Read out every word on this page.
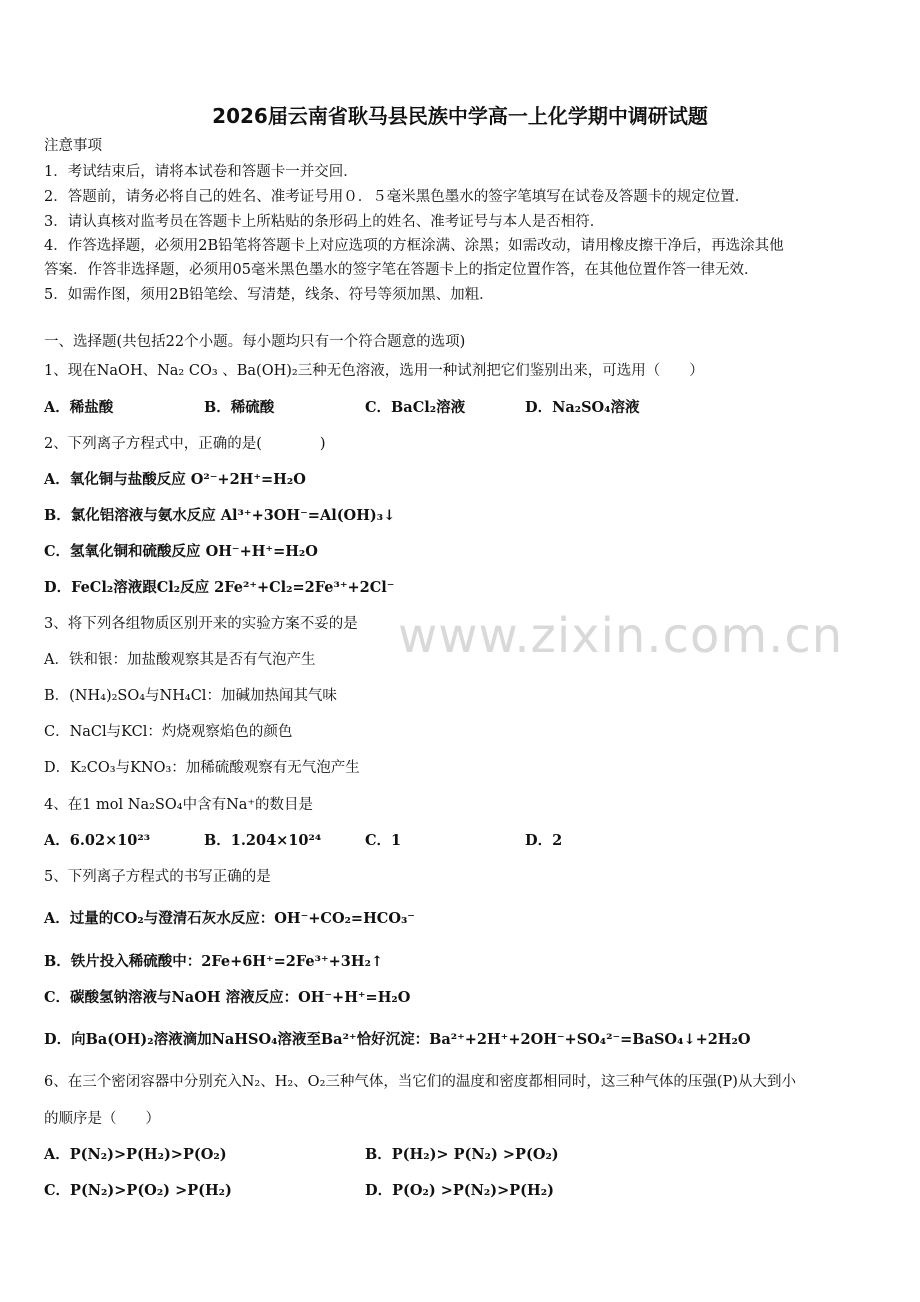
www.zixin.com.cn
2026届云南省耿马县民族中学高一上化学期中调研试题
注意事项
1．考试结束后，请将本试卷和答题卡一并交回．
2．答题前，请务必将自己的姓名、准考证号用０．５毫米黑色墨水的签字笔填写在试卷及答题卡的规定位置．
3．请认真核对监考员在答题卡上所粘贴的条形码上的姓名、准考证号与本人是否相符．
4．作答选择题，必须用2B铅笔将答题卡上对应选项的方框涂满、涂黑；如需改动，请用橡皮擦干净后，再选涂其他
答案．作答非选择题，必须用05毫米黑色墨水的签字笔在答题卡上的指定位置作答，在其他位置作答一律无效．
5．如需作图，须用2B铅笔绘、写清楚，线条、符号等须加黑、加粗．
一、选择题(共包括22个小题。每小题均只有一个符合题意的选项)
1、现在NaOH、Na₂ CO₃ 、Ba(OH)₂三种无色溶液，选用一种试剂把它们鉴别出来，可选用（　　）
A．稀盐酸	B．稀硫酸	C．BaCl₂溶液	D．Na₂SO₄溶液
2、下列离子方程式中，正确的是(　　　　)
A．氧化铜与盐酸反应 O²⁻+2H⁺=H₂O
B．氯化铝溶液与氨水反应 Al³⁺+3OH⁻=Al(OH)₃↓
C．氢氧化铜和硫酸反应 OH⁻+H⁺=H₂O
D．FeCl₂溶液跟Cl₂反应 2Fe²⁺+Cl₂=2Fe³⁺+2Cl⁻
3、将下列各组物质区别开来的实验方案不妥的是
A．铁和银：加盐酸观察其是否有气泡产生
B．(NH₄)₂SO₄与NH₄Cl：加碱加热闻其气味
C．NaCl与KCl：灼烧观察焰色的颜色
D．K₂CO₃与KNO₃：加稀硫酸观察有无气泡产生
4、在1 mol Na₂SO₄中含有Na⁺的数目是
A．6.02×10²³	B．1.204×10²⁴	C．1	D．2
5、下列离子方程式的书写正确的是
A．过量的CO₂与澄清石灰水反应：OH⁻+CO₂=HCO₃⁻
B．铁片投入稀硫酸中：2Fe+6H⁺=2Fe³⁺+3H₂↑
C．碳酸氢钠溶液与NaOH 溶液反应：OH⁻+H⁺=H₂O
D．向Ba(OH)₂溶液滴加NaHSO₄溶液至Ba²⁺恰好沉淀：Ba²⁺+2H⁺+2OH⁻+SO₄²⁻=BaSO₄↓+2H₂O
6、在三个密闭容器中分别充入N₂、H₂、O₂三种气体，当它们的温度和密度都相同时，这三种气体的压强(P)从大到小
的顺序是（　　）
A．P(N₂)>P(H₂)>P(O₂)	B．P(H₂)> P(N₂) >P(O₂)
C．P(N₂)>P(O₂) >P(H₂)	D．P(O₂) >P(N₂)>P(H₂)
